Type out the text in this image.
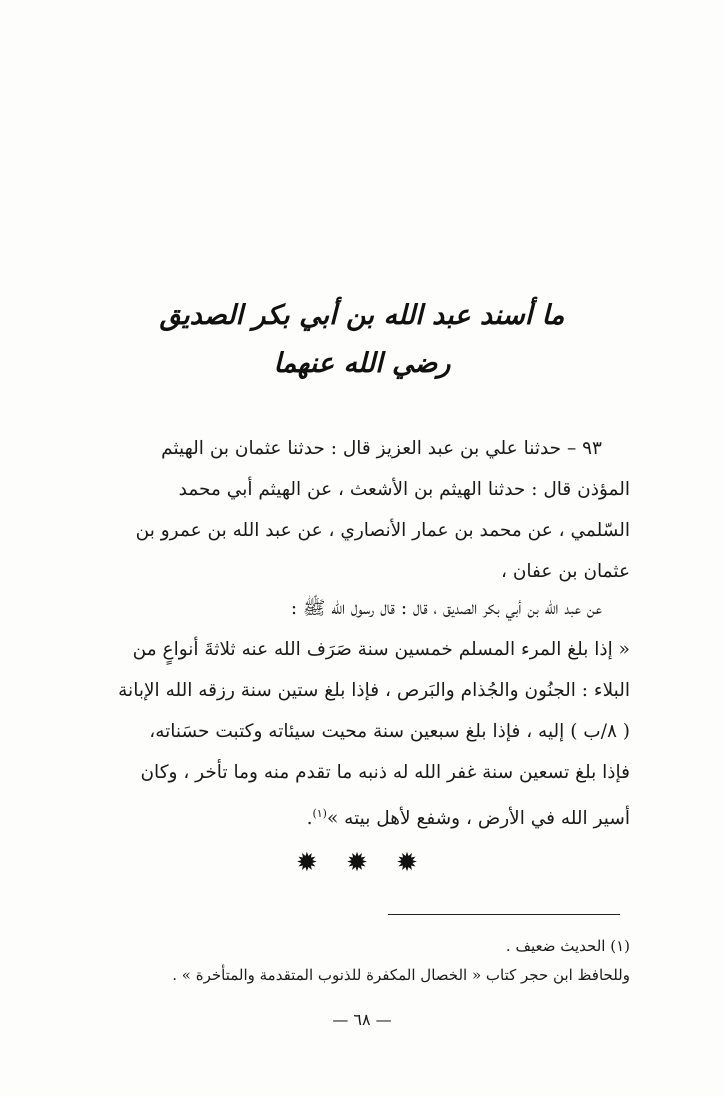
ما أسند عبد الله بن أبي بكر الصديق
رضي الله عنهما
٩٣ – حدثنا علي بن عبد العزيز قال : حدثنا عثمان بن الهيثم
المؤذن قال : حدثنا الهيثم بن الأشعث ، عن الهيثم أبي محمد
السّلمي ، عن محمد بن عمار الأنصاري ، عن عبد الله بن عمرو بن
عثمان بن عفان ،
عن عبد الله بن أبي بكر الصديق ، قال : قال رسول الله ﷺ :
« إذا بلغ المرء المسلم خمسين سنة صَرَف الله عنه ثلاثةَ أنواعٍ من
البلاء : الجنُون والجُذام والبَرص ، فإذا بلغ ستين سنة رزقه الله الإبانة
( ٨/ب ) إليه ، فإذا بلغ سبعين سنة محيت سيئاته وكتبت حسَناته،
فإذا بلغ تسعين سنة غفر الله له ذنبه ما تقدم منه وما تأخر ، وكان
أسير الله في الأرض ، وشفع لأهل بيته »$^{(١)}$.
✹ ✹ ✹
(١) الحديث ضعيف .
وللحافظ ابن حجر كتاب « الخصال المكفرة للذنوب المتقدمة والمتأخرة » .
— ٦٨ —
